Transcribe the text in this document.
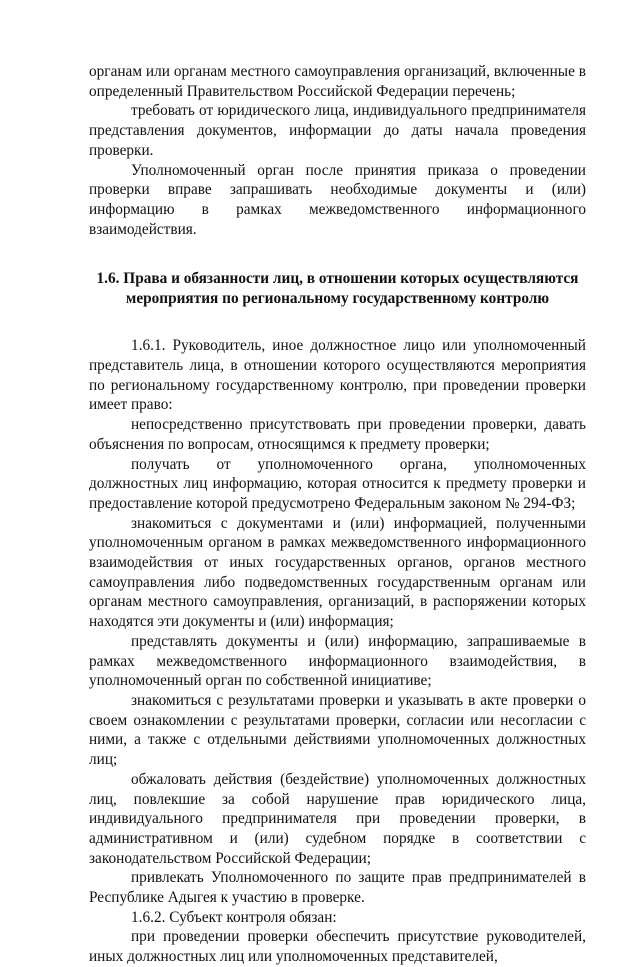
органам или органам местного самоуправления организаций, включенные в определенный Правительством Российской Федерации перечень;

требовать от юридического лица, индивидуального предпринимателя представления документов, информации до даты начала проведения проверки.

Уполномоченный орган после принятия приказа о проведении проверки вправе запрашивать необходимые документы и (или) информацию в рамках межведомственного информационного взаимодействия.

1.6. Права и обязанности лиц, в отношении которых осуществляются мероприятия по региональному государственному контролю

1.6.1. Руководитель, иное должностное лицо или уполномоченный представитель лица, в отношении которого осуществляются мероприятия по региональному государственному контролю, при проведении проверки имеет право:

непосредственно присутствовать при проведении проверки, давать объяснения по вопросам, относящимся к предмету проверки;

получать от уполномоченного органа, уполномоченных должностных лиц информацию, которая относится к предмету проверки и предоставление которой предусмотрено Федеральным законом № 294-ФЗ;

знакомиться с документами и (или) информацией, полученными уполномоченным органом в рамках межведомственного информационного взаимодействия от иных государственных органов, органов местного самоуправления либо подведомственных государственным органам или органам местного самоуправления, организаций, в распоряжении которых находятся эти документы и (или) информация;

представлять документы и (или) информацию, запрашиваемые в рамках межведомственного информационного взаимодействия, в уполномоченный орган по собственной инициативе;

знакомиться с результатами проверки и указывать в акте проверки о своем ознакомлении с результатами проверки, согласии или несогласии с ними, а также с отдельными действиями уполномоченных должностных лиц;

обжаловать действия (бездействие) уполномоченных должностных лиц, повлекшие за собой нарушение прав юридического лица, индивидуального предпринимателя при проведении проверки, в административном и (или) судебном порядке в соответствии с законодательством Российской Федерации;

привлекать Уполномоченного по защите прав предпринимателей в Республике Адыгея к участию в проверке.

1.6.2. Субъект контроля обязан:

при проведении проверки обеспечить присутствие руководителей, иных должностных лиц или уполномоченных представителей,
